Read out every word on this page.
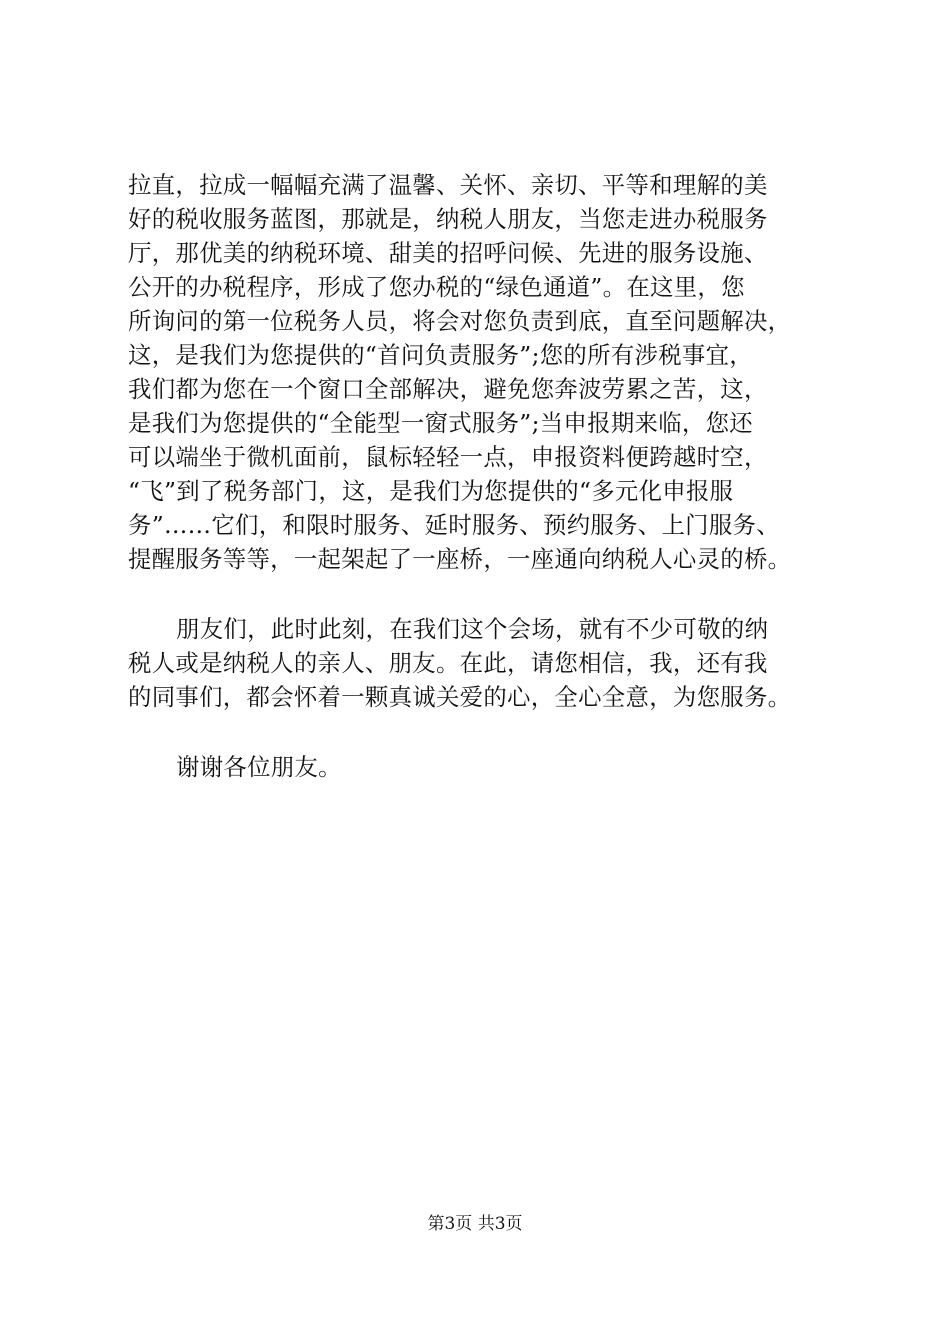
拉直，拉成一幅幅充满了温馨、关怀、亲切、平等和理解的美
好的税收服务蓝图，那就是，纳税人朋友，当您走进办税服务
厅，那优美的纳税环境、甜美的招呼问候、先进的服务设施、
公开的办税程序，形成了您办税的“绿色通道”。在这里，您
所询问的第一位税务人员，将会对您负责到底，直至问题解决，
这，是我们为您提供的“首问负责服务”;您的所有涉税事宜，
我们都为您在一个窗口全部解决，避免您奔波劳累之苦，这，
是我们为您提供的“全能型一窗式服务”;当申报期来临，您还
可以端坐于微机面前，鼠标轻轻一点，申报资料便跨越时空，
“飞”到了税务部门，这，是我们为您提供的“多元化申报服
务”……它们，和限时服务、延时服务、预约服务、上门服务、
提醒服务等等，一起架起了一座桥，一座通向纳税人心灵的桥。
朋友们，此时此刻，在我们这个会场，就有不少可敬的纳
税人或是纳税人的亲人、朋友。在此，请您相信，我，还有我
的同事们，都会怀着一颗真诚关爱的心，全心全意，为您服务。
谢谢各位朋友。
第3页 共3页
